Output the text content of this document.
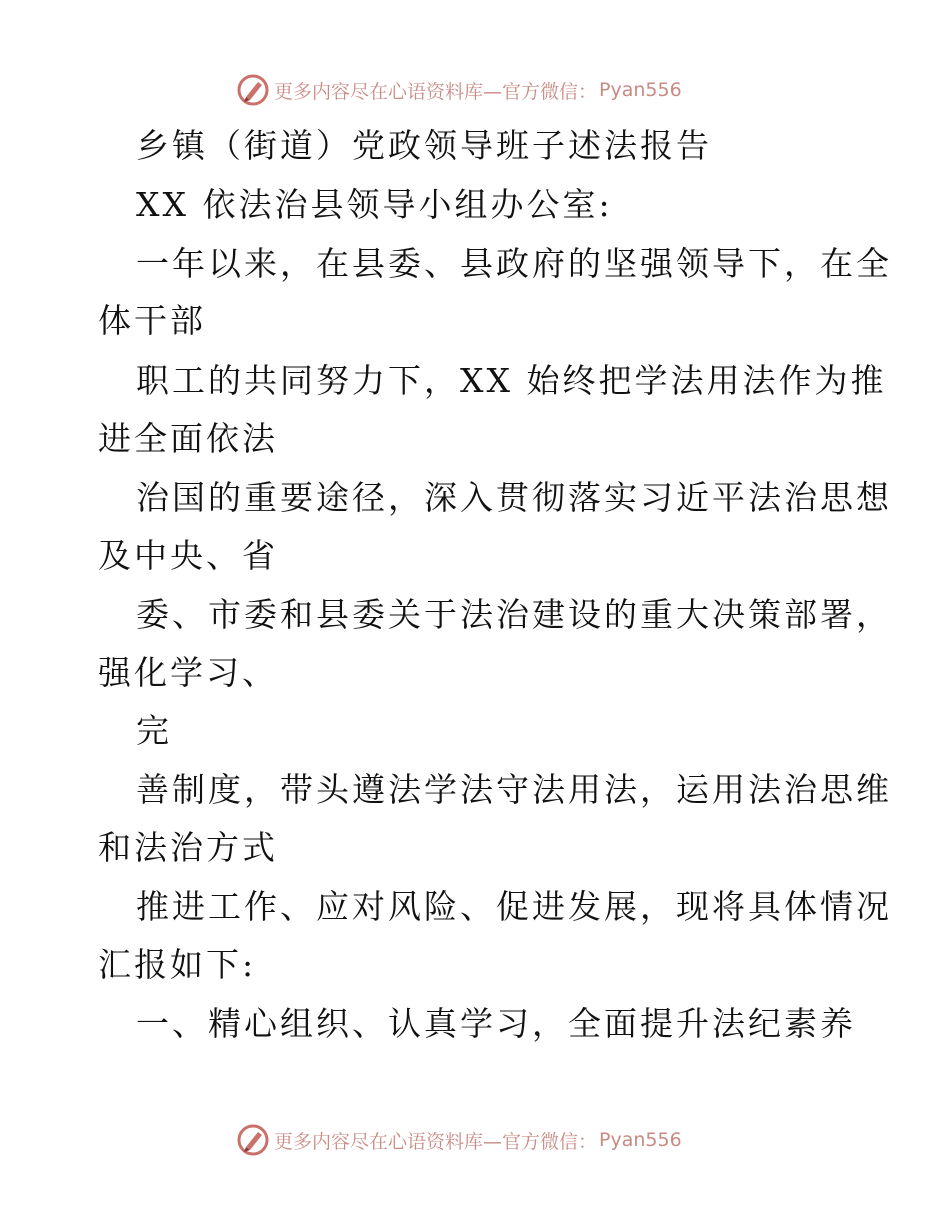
更多内容尽在心语资料库—官方微信： Pyan556
乡镇（街道）党政领导班子述法报告
XX 依法治县领导小组办公室:
一年以来，在县委、县政府的坚强领导下，在全
体干部
职工的共同努力下，XX 始终把学法用法作为推
进全面依法
治国的重要途径，深入贯彻落实习近平法治思想
及中央、省
委、市委和县委关于法治建设的重大决策部署，
强化学习、
完
善制度，带头遵法学法守法用法，运用法治思维
和法治方式
推进工作、应对风险、促进发展，现将具体情况
汇报如下:
一、精心组织、认真学习，全面提升法纪素养
更多内容尽在心语资料库—官方微信： Pyan556
